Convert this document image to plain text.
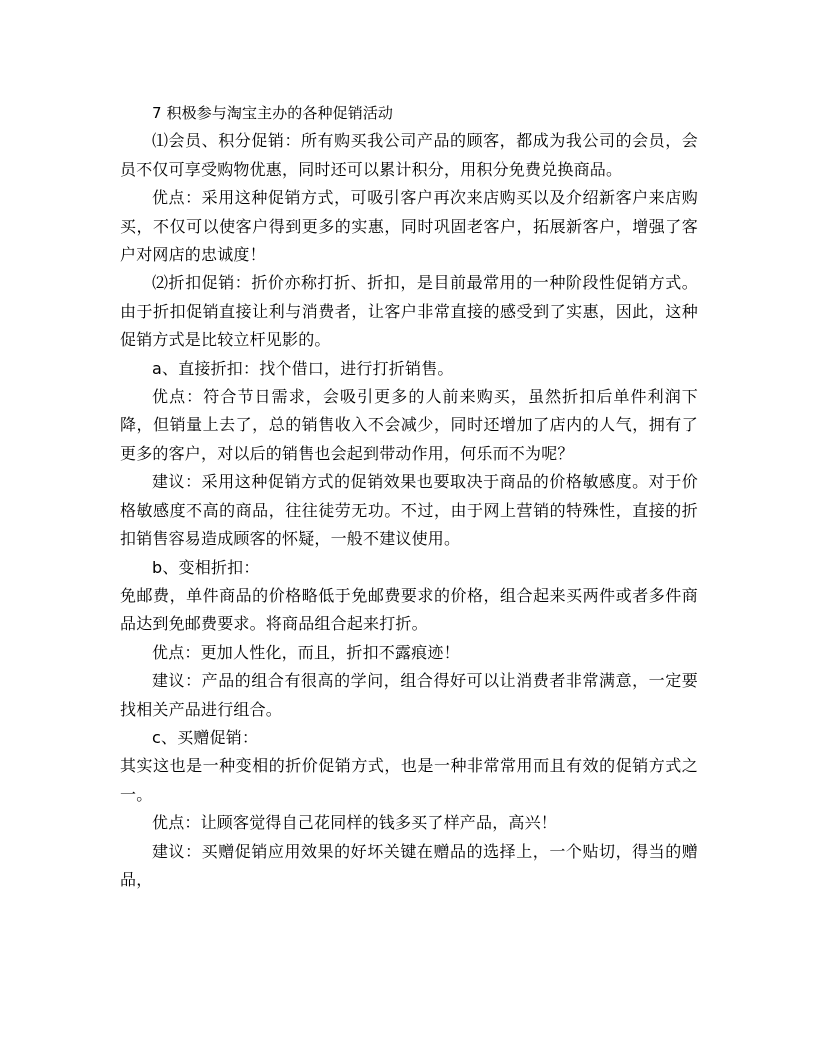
7 积极参与淘宝主办的各种促销活动

⑴会员、积分促销：所有购买我公司产品的顾客，都成为我公司的会员，会员不仅可享受购物优惠，同时还可以累计积分，用积分免费兑换商品。

优点：采用这种促销方式，可吸引客户再次来店购买以及介绍新客户来店购买，不仅可以使客户得到更多的实惠，同时巩固老客户，拓展新客户，增强了客户对网店的忠诚度！

⑵折扣促销：折价亦称打折、折扣，是目前最常用的一种阶段性促销方式。由于折扣促销直接让利与消费者，让客户非常直接的感受到了实惠，因此，这种促销方式是比较立杆见影的。

a、直接折扣：找个借口，进行打折销售。

优点：符合节日需求，会吸引更多的人前来购买，虽然折扣后单件利润下降，但销量上去了，总的销售收入不会减少，同时还增加了店内的人气，拥有了更多的客户，对以后的销售也会起到带动作用，何乐而不为呢？

建议：采用这种促销方式的促销效果也要取决于商品的价格敏感度。对于价格敏感度不高的商品，往往徒劳无功。不过，由于网上营销的特殊性，直接的折扣销售容易造成顾客的怀疑，一般不建议使用。

b、变相折扣：

免邮费，单件商品的价格略低于免邮费要求的价格，组合起来买两件或者多件商品达到免邮费要求。将商品组合起来打折。

优点：更加人性化，而且，折扣不露痕迹！

建议：产品的组合有很高的学问，组合得好可以让消费者非常满意，一定要找相关产品进行组合。

c、买赠促销：

其实这也是一种变相的折价促销方式，也是一种非常常用而且有效的促销方式之一。

优点：让顾客觉得自己花同样的钱多买了样产品，高兴！

建议：买赠促销应用效果的好坏关键在赠品的选择上，一个贴切，得当的赠品，
